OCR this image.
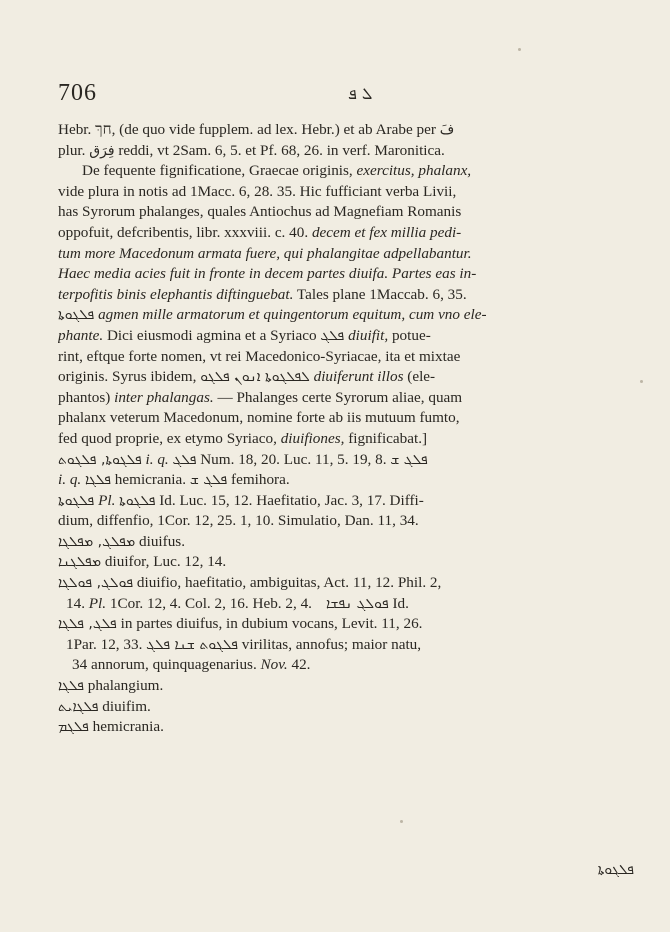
706	ܠ ܦ
Hebr. חךּ, (de quo vide fupplem. ad lex. Hebr.) et ab Arabe per فَ
plur. فِرَق reddi, vt 2Sam. 6, 5. et Pf. 68, 26. in verf. Maronitica.
De fequente fignificatione, Graecae originis, exercitus, phalanx,
vide plura in notis ad 1Macc. 6, 28. 35. Hic fufficiant verba Livii,
has Syrorum phalanges, quales Antiochus ad Magnefiam Romanis
oppofuit, defcribentis, libr. xxxviii. c. 40. decem et fex millia pedi-
tum more Macedonum armata fuere, qui phalangitae adpellabantur.
Haec media acies fuit in fronte in decem partes diuifa. Partes eas in-
terpofitis binis elephantis diftinguebat. Tales plane 1Maccab. 6, 35.
ܦܠܓܘܬܐ agmen mille armatorum et quingentorum equitum, cum vno ele-
phante. Dici eiusmodi agmina et a Syriaco ܦܠܓ diuifit, potue-
rint, eftque forte nomen, vt rei Macedonico-Syriacae, ita et mixtae
originis. Syrus ibidem, ܠܦܠܓܘܬܐ ܐܢܘܢ ܦܠܓܘ diuiferunt illos (ele-
phantos) inter phalangas. — Phalanges certe Syrorum aliae, quam
phalanx veterum Macedonum, nomine forte ab iis mutuum fumto,
fed quod proprie, ex etymo Syriaco, diuifiones, fignificabat.]
ܦܠܓܘܬܐ, ܦܠܓܘܬ i. q. ܦܠܓ Num. 18, 20. Luc. 11, 5. 19, 8. ܦܠܓ ܫ
i. q. ܦܠܓܐ hemicrania. ܦܠܓ ܫ femihora.
ܦܠܓܘܬܐ Pl. ܦܠܓܘܬܐ Id. Luc. 15, 12. Haefitatio, Jac. 3, 17. Diffi-
dium, diffenfio, 1Cor. 12, 25. 1, 10. Simulatio, Dan. 11, 34.
ܡܦܠܓ, ܡܦܠܓܐ diuifus.
ܡܦܠܓܢܐ diuifor, Luc. 12, 14.
ܦܘܠܓ, ܦܘܠܓܐ diuifio, haefitatio, ambiguitas, Act. 11, 12. Phil. 2,
14. Pl. 1Cor. 12, 4. Col. 2, 16. Heb. 2, 4. ܦܘܠܓ ܢܦܫܐ Id.
ܦܠܓ, ܦܠܓܐ in partes diuifus, in dubium vocans, Levit. 11, 26.
1Par. 12, 33. ܦܠܓܘܬ ܫܢܐ ܦܠܓ virilitas, annofus; maior natu,
34 annorum, quinquagenarius. Nov. 42.
ܦܠܓܐ phalangium.
ܦܠܓܐܝܬ diuifim.
ܦܠܓܡ hemicrania.
ܦܠܓܘܬܐ
